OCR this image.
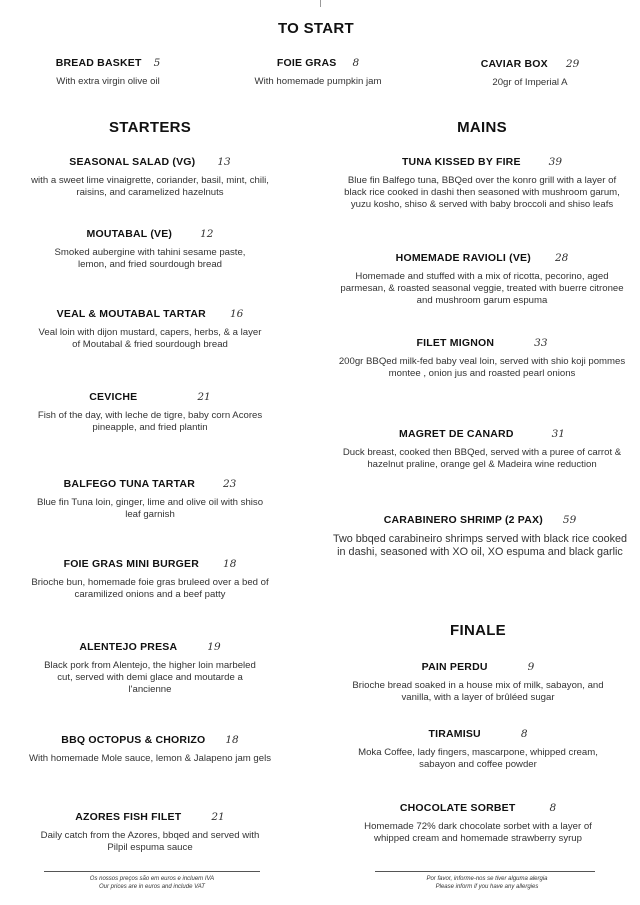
TO START
STARTERS	MAINS
FINALE
BREAD BASKET 5
With extra virgin olive oil
FOIE GRAS 8
With homemade pumpkin jam
CAVIAR BOX 29
20gr of Imperial A
SEASONAL SALAD (VG) 13
with a sweet lime vinaigrette, coriander, basil, mint, chili, raisins, and caramelized hazelnuts
MOUTABAL (VE)	12
Smoked aubergine with tahini sesame paste, lemon, and fried sourdough bread
VEAL & MOUTABAL TARTAR 16
Veal loin with dijon mustard, capers, herbs, & a layer of Moutabal & fried sourdough bread
CEVICHE	21
Fish of the day, with leche de tigre, baby corn Acores pineapple, and fried plantin
BALFEGO TUNA TARTAR	23
Blue fin Tuna loin, ginger, lime and olive oil with shiso leaf garnish
FOIE GRAS MINI BURGER 18
Brioche bun, homemade foie gras bruleed over a bed of caramilized onions and a beef patty
ALENTEJO PRESA	19
Black pork from Alentejo, the higher loin marbeled cut, served with demi glace and moutarde a l'ancienne
BBQ OCTOPUS & CHORIZO 18
With homemade Mole sauce, lemon & Jalapeno jam gels
AZORES FISH FILET	21
Daily catch from the Azores, bbqed and served with Pilpil espuma sauce
TUNA KISSED BY FIRE	39
Blue fin Balfego tuna, BBQed over the konro grill with a layer of black rice cooked in dashi then seasoned with mushroom garum, yuzu kosho, shiso & served with baby broccoli and shiso leafs
HOMEMADE RAVIOLI (VE) 28
Homemade and stuffed with a mix of ricotta, pecorino, aged parmesan, & roasted seasonal veggie, treated with buerre citronee and mushroom garum espuma
FILET MIGNON	33
200gr BBQed milk-fed baby veal loin, served with shio koji pommes montee , onion jus and roasted pearl onions
MAGRET DE CANARD	31
Duck breast, cooked then BBQed, served with a puree of carrot & hazelnut praline, orange gel & Madeira wine reduction
CARABINERO SHRIMP (2 PAX) 59
Two bbqed carabineiro shrimps served with black rice cooked in dashi, seasoned with XO oil, XO espuma and black garlic
PAIN PERDU	9
Brioche bread soaked in a house mix of milk, sabayon, and vanilla, with a layer of brûléed sugar
TIRAMISU	8
Moka Coffee, lady fingers, mascarpone, whipped cream, sabayon and coffee powder
CHOCOLATE SORBET	8
Homemade 72% dark chocolate sorbet with a layer of whipped cream and homemade strawberry syrup
Os nossos preços são em euros e incluem IVA
Our prices are in euros and include VAT
Por favor, informe-nos se tiver alguma alergia
Please inform if you have any allergies
